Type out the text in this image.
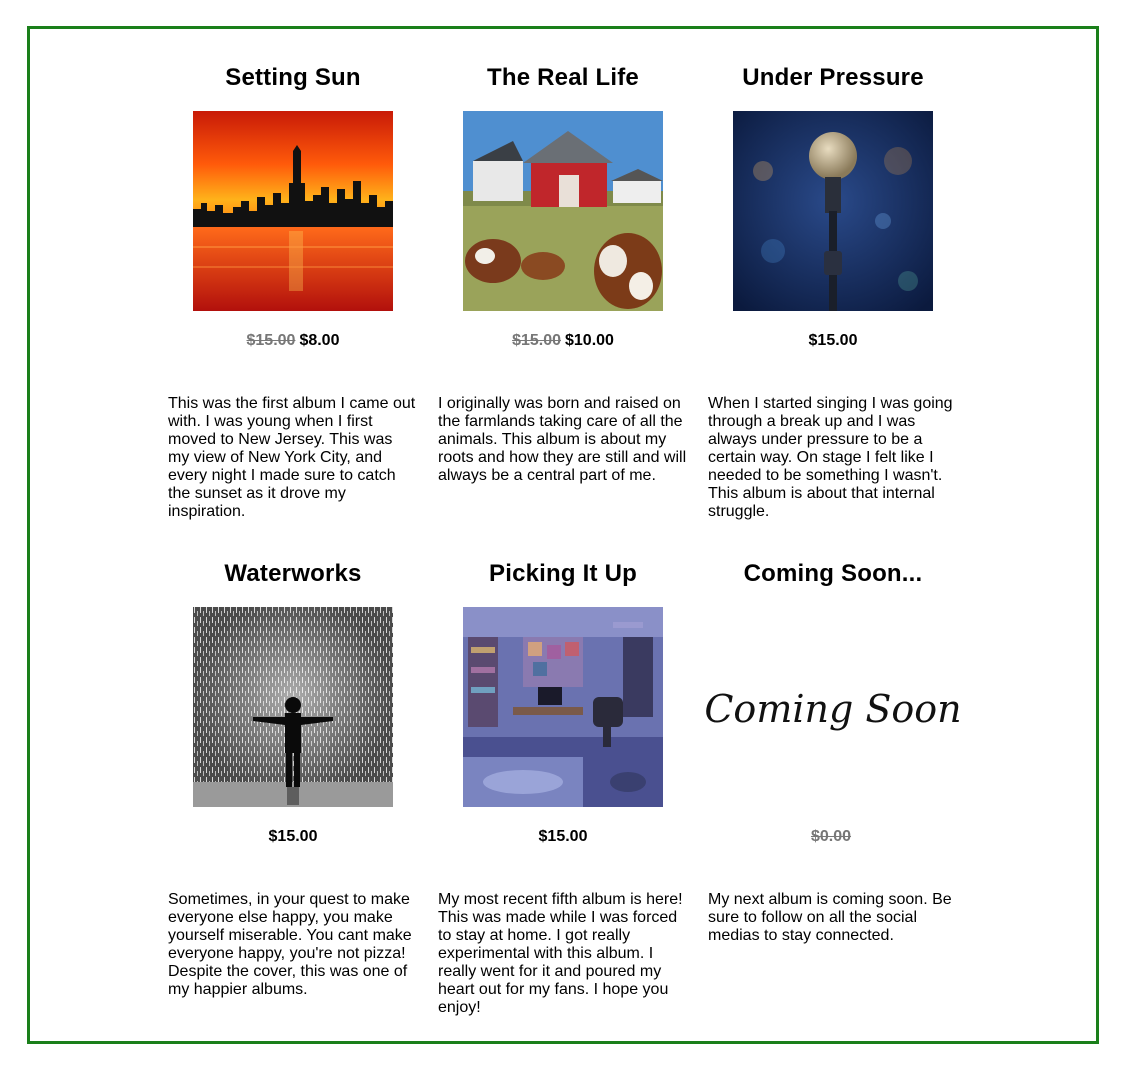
Setting Sun
$15.00 $8.00

This was the first album I came out with. I was young when I first moved to New Jersey. This was my view of New York City, and every night I made sure to catch the sunset as it drove my inspiration.

The Real Life
$15.00 $10.00

I originally was born and raised on the farmlands taking care of all the animals. This album is about my roots and how they are still and will always be a central part of me.

Under Pressure
$15.00

When I started singing I was going through a break up and I was always under pressure to be a certain way. On stage I felt like I needed to be something I wasn't. This album is about that internal struggle.

Waterworks
$15.00

Sometimes, in your quest to make everyone else happy, you make yourself miserable. You cant make everyone happy, you're not pizza! Despite the cover, this was one of my happier albums.

Picking It Up
$15.00

My most recent fifth album is here! This was made while I was forced to stay at home. I got really experimental with this album. I really went for it and poured my heart out for my fans. I hope you enjoy!

Coming Soon...
Coming Soon
$0.00

My next album is coming soon. Be sure to follow on all the social medias to stay connected.
